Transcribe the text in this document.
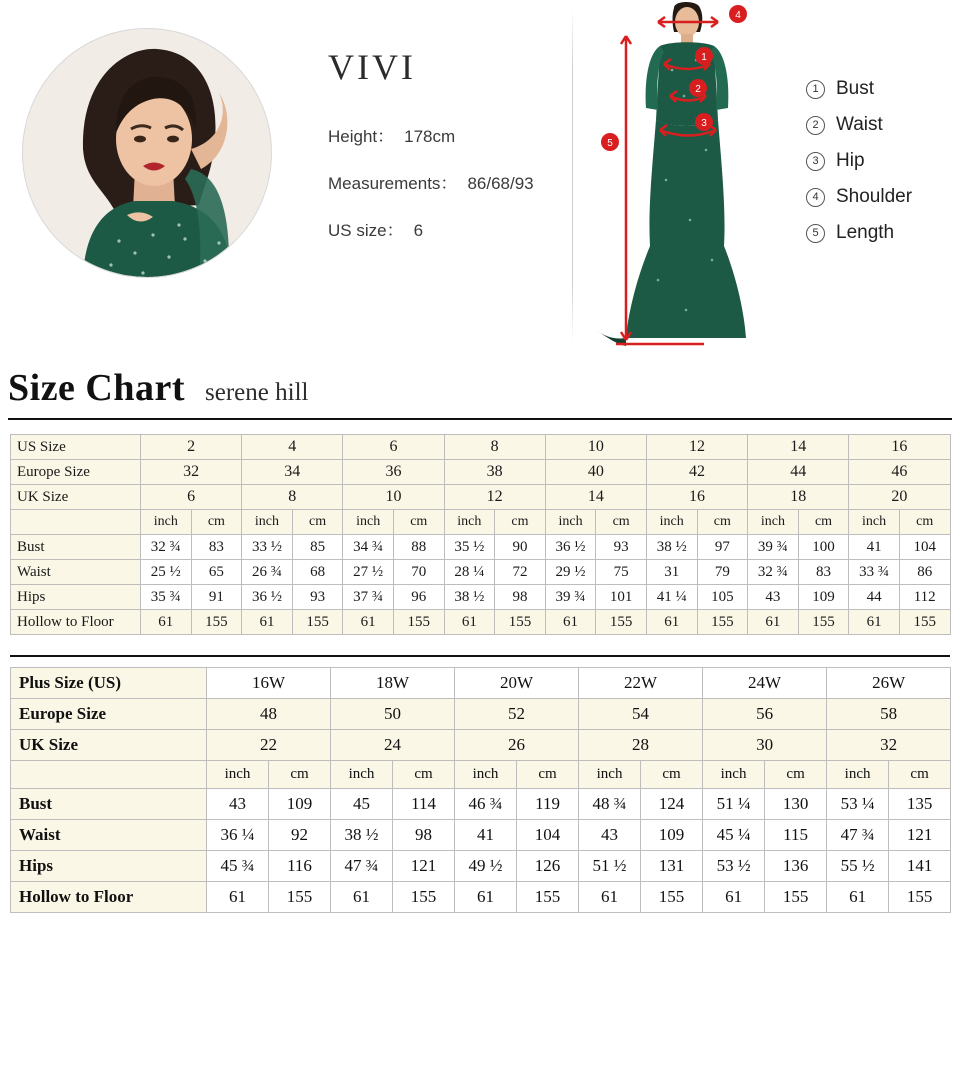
VIVI
Height： 178cm
Measurements： 86/68/93
US size： 6
4
1
2
3
5
1 Bust
2 Waist
3 Hip
4 Shoulder
5 Length
Size Chart serene hill
US Size	2		4		6		8		10		12		14		16	
Europe Size	32		34		36		38		40		42		44		46	
UK Size	6		8		10		12		14		16		18		20	
	inch	cm	inch	cm	inch	cm	inch	cm	inch	cm	inch	cm	inch	cm	inch	cm
Bust	32 ¾	83	33 ½	85	34 ¾	88	35 ½	90	36 ½	93	38 ½	97	39 ¾	100	41	104
Waist	25 ½	65	26 ¾	68	27 ½	70	28 ¼	72	29 ½	75	31	79	32 ¾	83	33 ¾	86
Hips	35 ¾	91	36 ½	93	37 ¾	96	38 ½	98	39 ¾	101	41 ¼	105	43	109	44	112
Hollow to Floor	61	155	61	155	61	155	61	155	61	155	61	155	61	155	61	155
Plus Size (US)	16W		18W		20W		22W		24W		26W	
Europe Size	48		50		52		54		56		58	
UK Size	22		24		26		28		30		32	
	inch	cm	inch	cm	inch	cm	inch	cm	inch	cm	inch	cm
Bust	43	109	45	114	46 ¾	119	48 ¾	124	51 ¼	130	53 ¼	135
Waist	36 ¼	92	38 ½	98	41	104	43	109	45 ¼	115	47 ¾	121
Hips	45 ¾	116	47 ¾	121	49 ½	126	51 ½	131	53 ½	136	55 ½	141
Hollow to Floor	61	155	61	155	61	155	61	155	61	155	61	155
